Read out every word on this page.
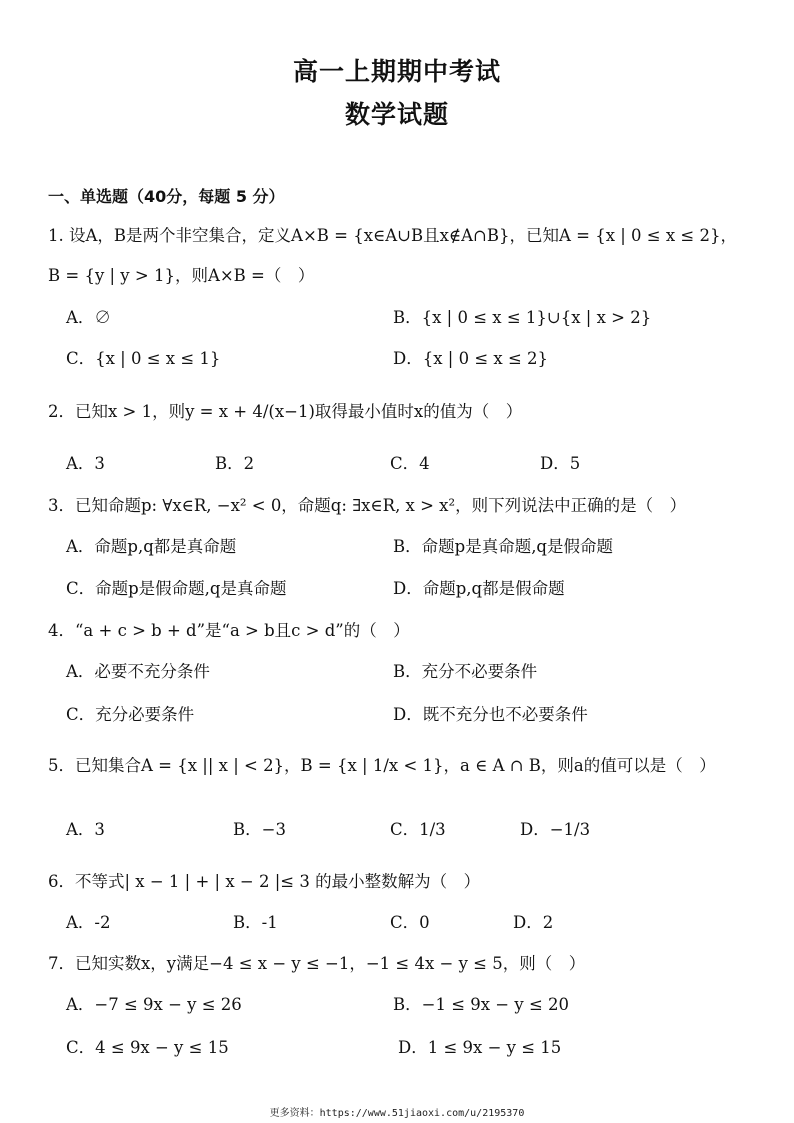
高一上期期中考试
数学试题
一、单选题（40分，每题 5 分）
1. 设A，B是两个非空集合，定义A×B = {x∈A∪B且x∉A∩B}，已知A = {x | 0 ≤ x ≤ 2}，
B = {y | y > 1}，则A×B =（　）
A．∅	B．{x | 0 ≤ x ≤ 1}∪{x | x > 2}
C．{x | 0 ≤ x ≤ 1}	D．{x | 0 ≤ x ≤ 2}
2．已知x > 1，则y = x + 4/(x−1)取得最小值时x的值为（　）
A．3	B．2	C．4	D．5
3．已知命题p: ∀x∈R, −x² < 0，命题q: ∃x∈R, x > x²，则下列说法中正确的是（　）
A．命题p,q都是真命题	B．命题p是真命题,q是假命题
C．命题p是假命题,q是真命题	D．命题p,q都是假命题
4．“a + c > b + d”是“a > b且c > d”的（　）
A．必要不充分条件	B．充分不必要条件
C．充分必要条件	D．既不充分也不必要条件
5．已知集合A = {x || x | < 2}，B = {x | 1/x < 1}，a ∈ A ∩ B，则a的值可以是（　）
A．3	B．−3	C．1/3	D．−1/3
6．不等式| x − 1 | + | x − 2 |≤ 3 的最小整数解为（　）
A．-2	B．-1	C．0	D．2
7．已知实数x，y满足−4 ≤ x − y ≤ −1，−1 ≤ 4x − y ≤ 5，则（　）
A．−7 ≤ 9x − y ≤ 26	B．−1 ≤ 9x − y ≤ 20
C．4 ≤ 9x − y ≤ 15	D．1 ≤ 9x − y ≤ 15
更多资料：https://www.51jiaoxi.com/u/2195370
